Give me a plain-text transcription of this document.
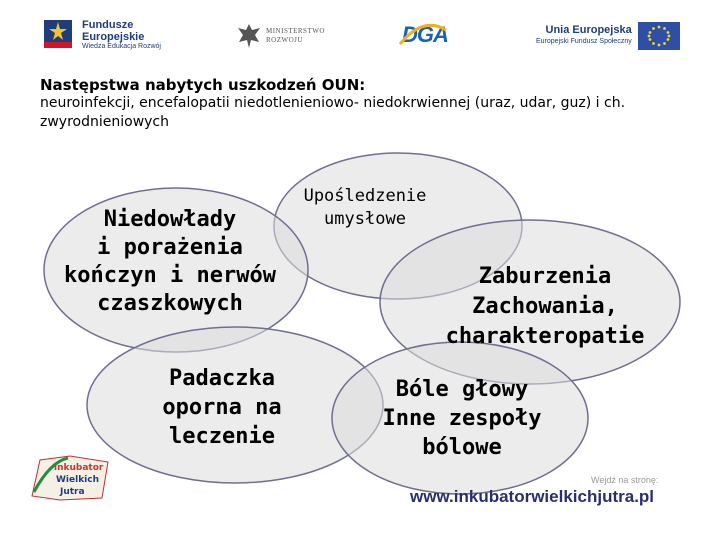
Fundusze
Europejskie
Wiedza Edukacja Rozwój
MINISTERSTWO
ROZWOJU	DGA	Unia Europejska
Europejski Fundusz Społeczny
Następstwa nabytych uszkodzeń OUN:
neuroinfekcji, encefalopatii niedotlenieniowo- niedokrwiennej (uraz, udar, guz) i ch. zwyrodnieniowych
Upośledzenie
umysłowe
Niedowłady
i porażenia
kończyn i nerwów
czaszkowych
Zaburzenia
Zachowania,
charakteropatie
Padaczka
oporna na
leczenie
Bóle głowy
Inne zespoły
bólowe
inkubator
Wielkich
Jutra
Wejdź na stronę:
www.inkubatorwielkichjutra.pl
